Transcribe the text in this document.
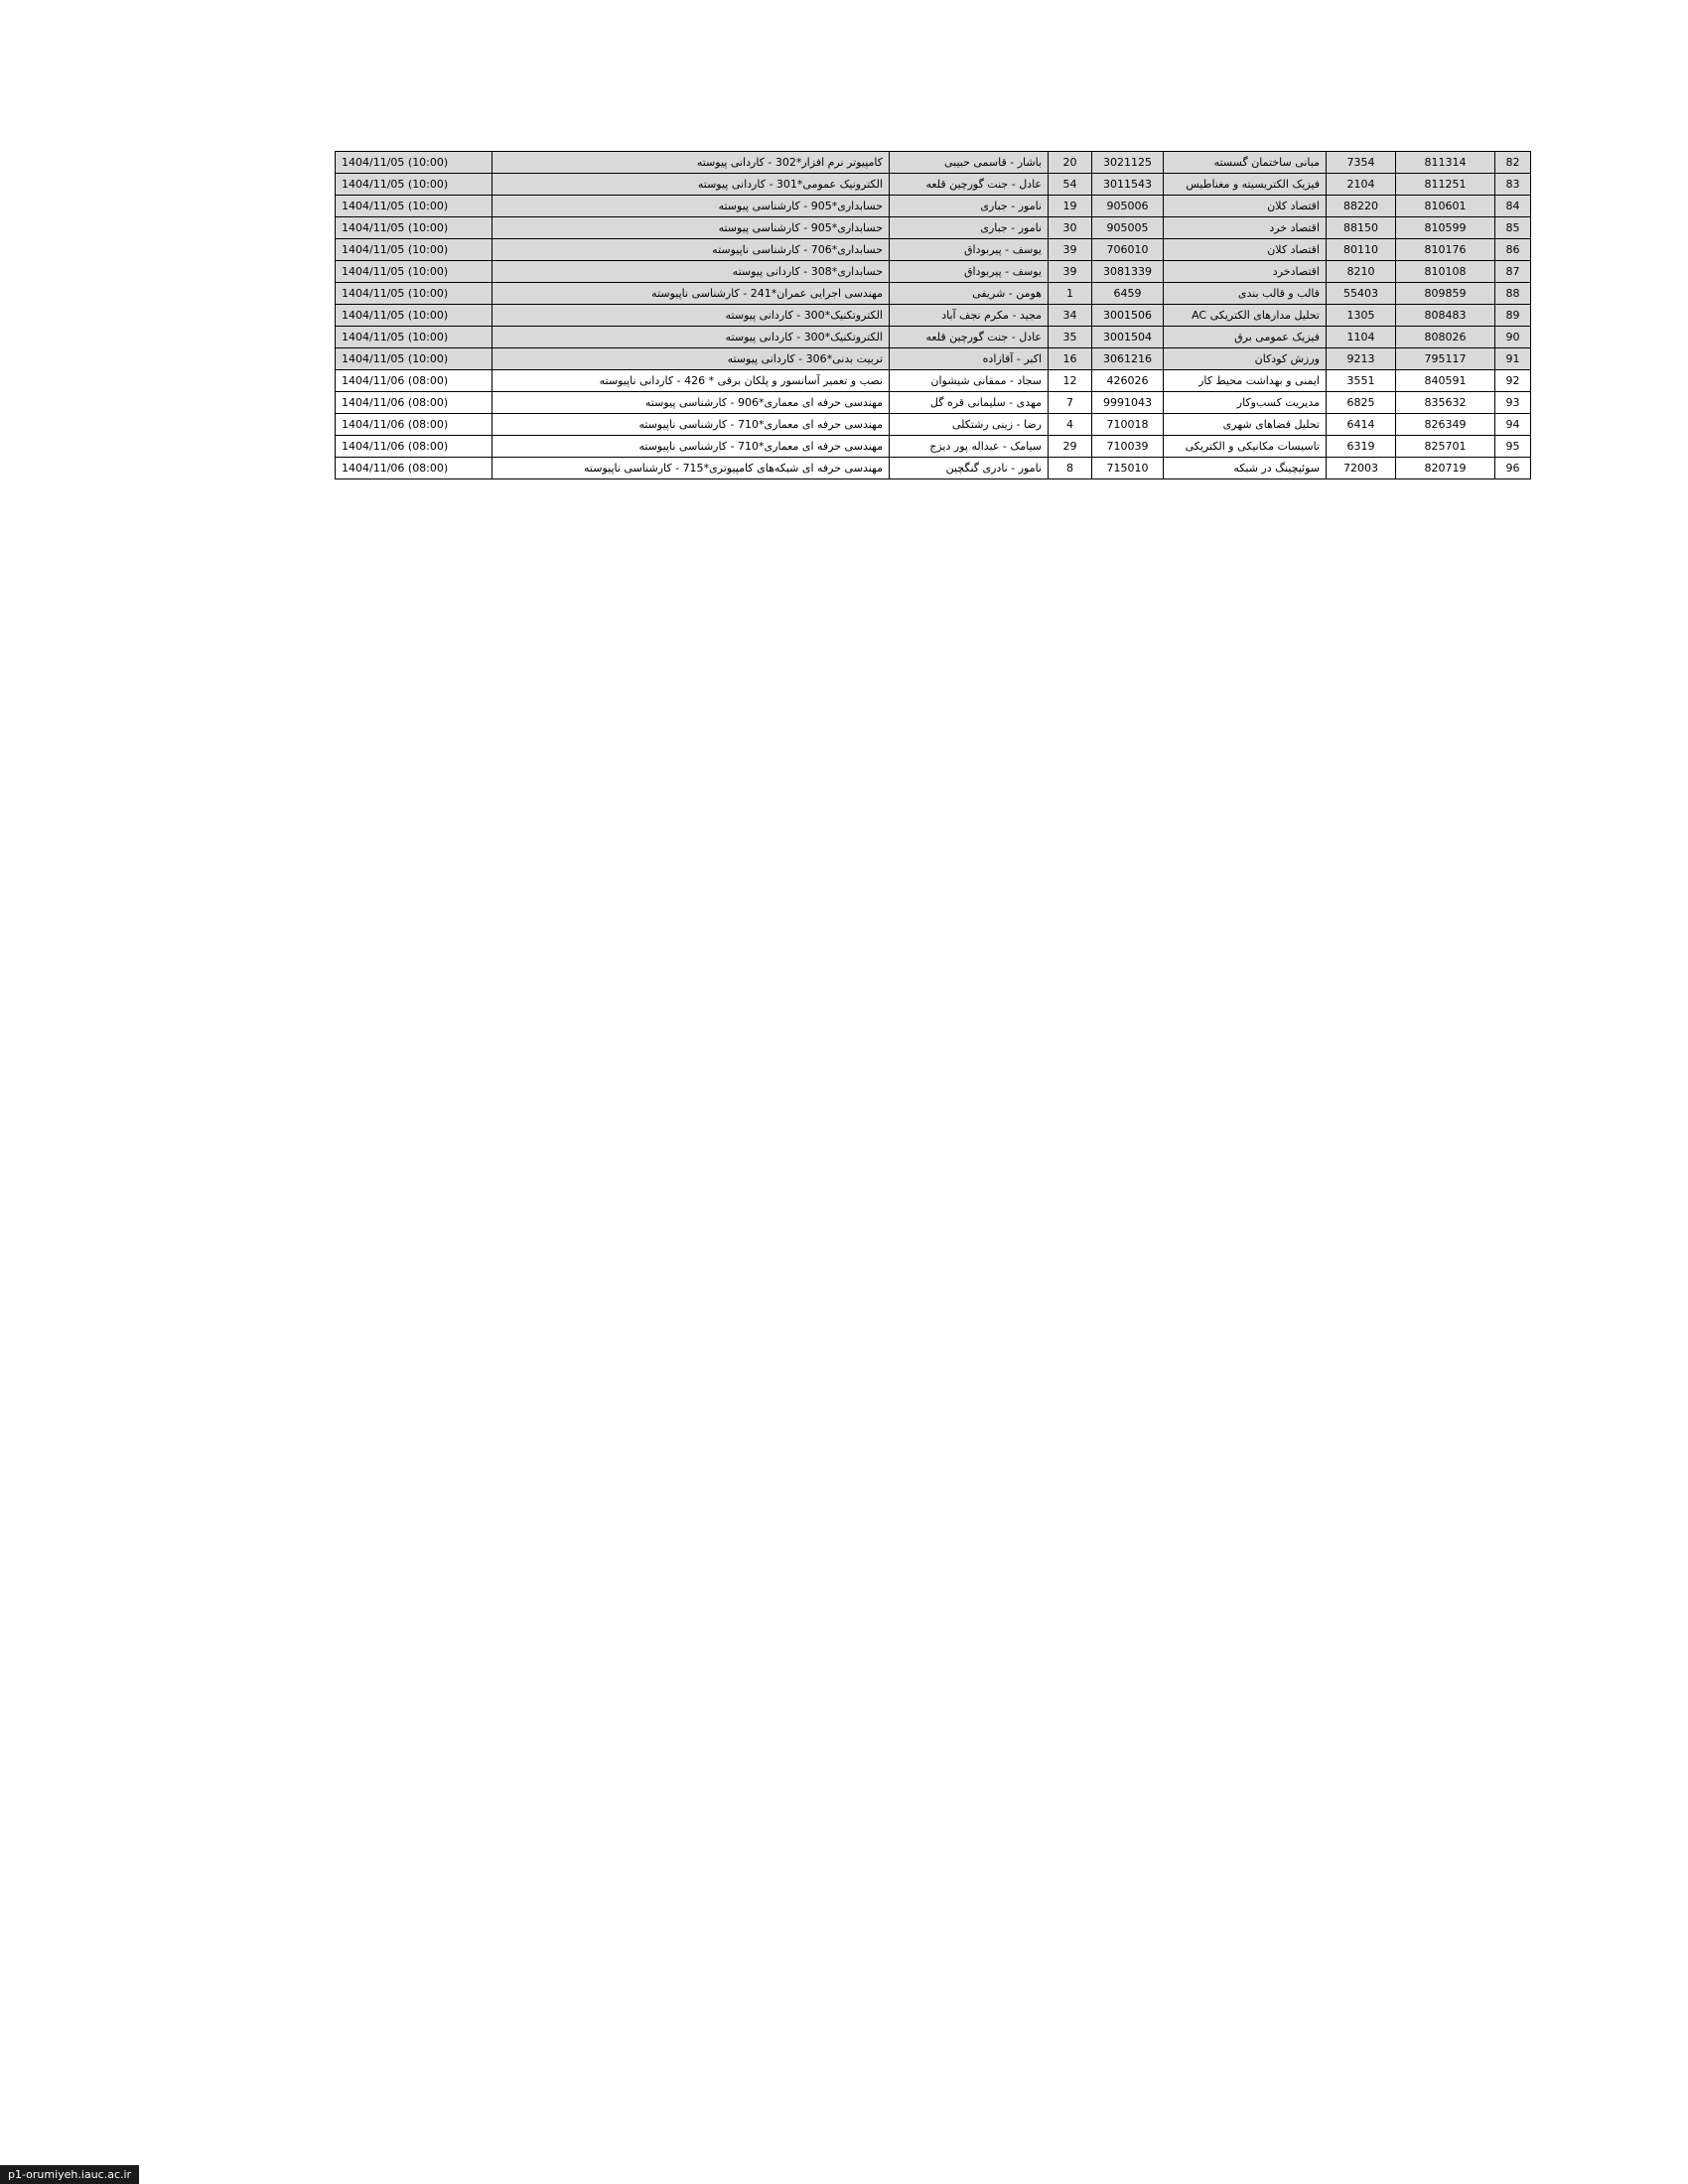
82	811314	7354	مبانی ساختمان گسسته	3021125	20	باشار - قاسمی حبیبی	کامپیوتر نرم افزار*302 - کاردانی پیوسته	1404/11/05 (10:00)
83	811251	2104	فیزیک الکتریسیته و مغناطیس	3011543	54	عادل - جنت گورچین قلعه	الکترونیک عمومی*301 - کاردانی پیوسته	1404/11/05 (10:00)
84	810601	88220	اقتصاد کلان	905006	19	نامور - جباری	حسابداری*905 - کارشناسی پیوسته	1404/11/05 (10:00)
85	810599	88150	اقتصاد خرد	905005	30	نامور - جباری	حسابداری*905 - کارشناسی پیوسته	1404/11/05 (10:00)
86	810176	80110	اقتصاد کلان	706010	39	یوسف - پیربوداق	حسابداری*706 - کارشناسی ناپیوسته	1404/11/05 (10:00)
87	810108	8210	اقتصادخرد	3081339	39	یوسف - پیربوداق	حسابداری*308 - کاردانی پیوسته	1404/11/05 (10:00)
88	809859	55403	قالب و قالب بندی	6459	1	هومن - شریفی	مهندسی اجرایی عمران*241 - کارشناسی ناپیوسته	1404/11/05 (10:00)
89	808483	1305	تحلیل مدارهای الکتریکی AC	3001506	34	مجید - مکرم نجف آباد	الکتروتکنیک*300 - کاردانی پیوسته	1404/11/05 (10:00)
90	808026	1104	فیزیک عمومی برق	3001504	35	عادل - جنت گورچین قلعه	الکتروتکنیک*300 - کاردانی پیوسته	1404/11/05 (10:00)
91	795117	9213	ورزش کودکان	3061216	16	اکبر - آقازاده	تربیت بدنی*306 - کاردانی پیوسته	1404/11/05 (10:00)
92	840591	3551	ایمنی و بهداشت محیط کار	426026	12	سجاد - ممقانی شیشوان	نصب و تعمیر آسانسور و پلکان برقی * 426 - کاردانی ناپیوسته	1404/11/06 (08:00)
93	835632	6825	مدیریت کسب‌وکار	9991043	7	مهدی - سلیمانی قره گل	مهندسی حرفه ای معماری*906 - کارشناسی پیوسته	1404/11/06 (08:00)
94	826349	6414	تحلیل فضاهای شهری	710018	4	رضا - زینی رشتکلی	مهندسی حرفه ای معماری*710 - کارشناسی ناپیوسته	1404/11/06 (08:00)
95	825701	6319	تاسیسات مکانیکی و الکتریکی	710039	29	سیامک - عبداله پور دیزج	مهندسی حرفه ای معماری*710 - کارشناسی ناپیوسته	1404/11/06 (08:00)
96	820719	72003	سوئیچینگ در شبکه	715010	8	نامور - نادری گنگچین	مهندسی حرفه ای شبکه‌های کامپیوتری*715 - کارشناسی ناپیوسته	1404/11/06 (08:00)
p1-orumiyeh.iauc.ac.ir
